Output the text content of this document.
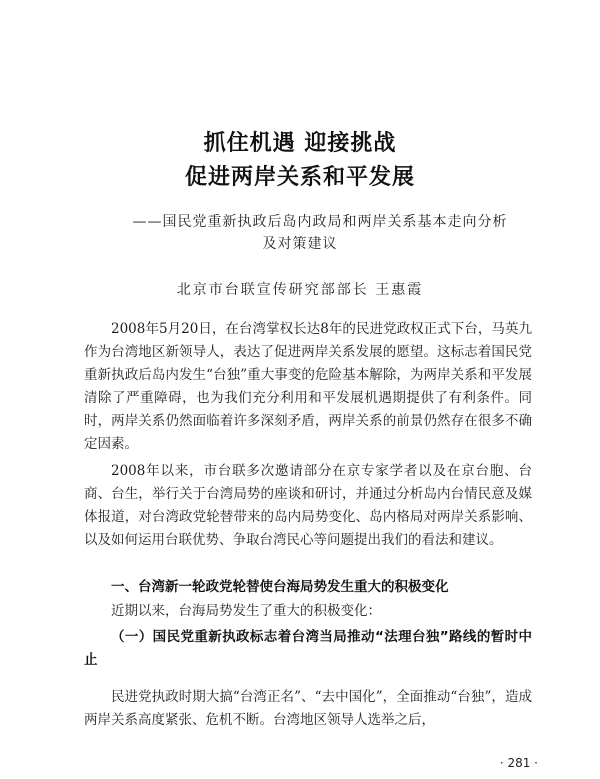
抓住机遇 迎接挑战
促进两岸关系和平发展
——国民党重新执政后岛内政局和两岸关系基本走向分析
及对策建议
北京市台联宣传研究部部长 王惠霞

2008年5月20日，在台湾掌权长达8年的民进党政权正式下台，马英九作为台湾地区新领导人，表达了促进两岸关系发展的愿望。这标志着国民党重新执政后岛内发生“台独”重大事变的危险基本解除，为两岸关系和平发展清除了严重障碍，也为我们充分利用和平发展机遇期提供了有利条件。同时，两岸关系仍然面临着许多深刻矛盾，两岸关系的前景仍然存在很多不确定因素。

2008年以来，市台联多次邀请部分在京专家学者以及在京台胞、台商、台生，举行关于台湾局势的座谈和研讨，并通过分析岛内台情民意及媒体报道，对台湾政党轮替带来的岛内局势变化、岛内格局对两岸关系影响、以及如何运用台联优势、争取台湾民心等问题提出我们的看法和建议。

一、台湾新一轮政党轮替使台海局势发生重大的积极变化

近期以来，台海局势发生了重大的积极变化：

（一）国民党重新执政标志着台湾当局推动“法理台独”路线的暂时中止

民进党执政时期大搞“台湾正名”、“去中国化”，全面推动“台独”，造成两岸关系高度紧张、危机不断。台湾地区领导人选举之后，

· 281 ·
